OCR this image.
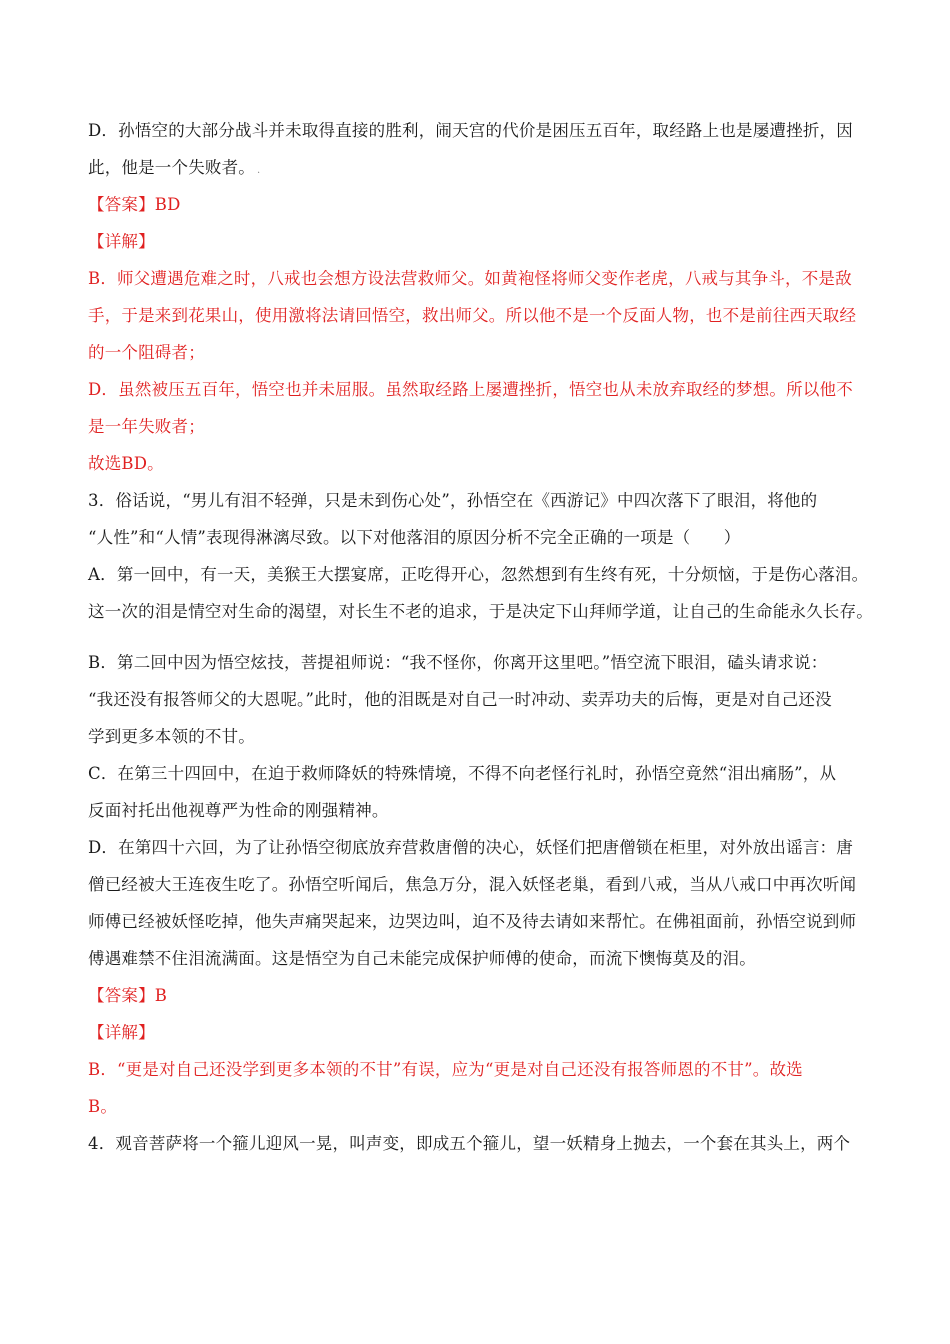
D．孙悟空的大部分战斗并未取得直接的胜利，闹天宫的代价是困压五百年，取经路上也是屡遭挫折，因
此，他是一个失败者。 .
【答案】BD
【详解】
B．师父遭遇危难之时，八戒也会想方设法营救师父。如黄袍怪将师父变作老虎，八戒与其争斗，不是敌
手，于是来到花果山，使用激将法请回悟空，救出师父。所以他不是一个反面人物，也不是前往西天取经
的一个阻碍者；
D．虽然被压五百年，悟空也并未屈服。虽然取经路上屡遭挫折，悟空也从未放弃取经的梦想。所以他不
是一年失败者；
故选BD。
3．俗话说，“男儿有泪不轻弹，只是未到伤心处”，孙悟空在《西游记》中四次落下了眼泪，将他的
“人性”和“人情”表现得淋漓尽致。以下对他落泪的原因分析不完全正确的一项是（　　）
A．第一回中，有一天，美猴王大摆宴席，正吃得开心，忽然想到有生终有死，十分烦恼，于是伤心落泪。
这一次的泪是情空对生命的渴望，对长生不老的追求，于是决定下山拜师学道，让自己的生命能永久长存。
B．第二回中因为悟空炫技，菩提祖师说：“我不怪你，你离开这里吧。”悟空流下眼泪，磕头请求说：
“我还没有报答师父的大恩呢。”此时，他的泪既是对自己一时冲动、卖弄功夫的后悔，更是对自己还没
学到更多本领的不甘。
C．在第三十四回中，在迫于救师降妖的特殊情境，不得不向老怪行礼时，孙悟空竟然“泪出痛肠”，从
反面衬托出他视尊严为性命的刚强精神。
D．在第四十六回，为了让孙悟空彻底放弃营救唐僧的决心，妖怪们把唐僧锁在柜里，对外放出谣言：唐
僧已经被大王连夜生吃了。孙悟空听闻后，焦急万分，混入妖怪老巢，看到八戒，当从八戒口中再次听闻
师傅已经被妖怪吃掉，他失声痛哭起来，边哭边叫，迫不及待去请如来帮忙。在佛祖面前，孙悟空说到师
傅遇难禁不住泪流满面。这是悟空为自己未能完成保护师傅的使命，而流下懊悔莫及的泪。
【答案】B
【详解】
B．“更是对自己还没学到更多本领的不甘”有误，应为“更是对自己还没有报答师恩的不甘”。故选
B。
4．观音菩萨将一个箍儿迎风一晃，叫声变，即成五个箍儿，望一妖精身上抛去，一个套在其头上，两个
